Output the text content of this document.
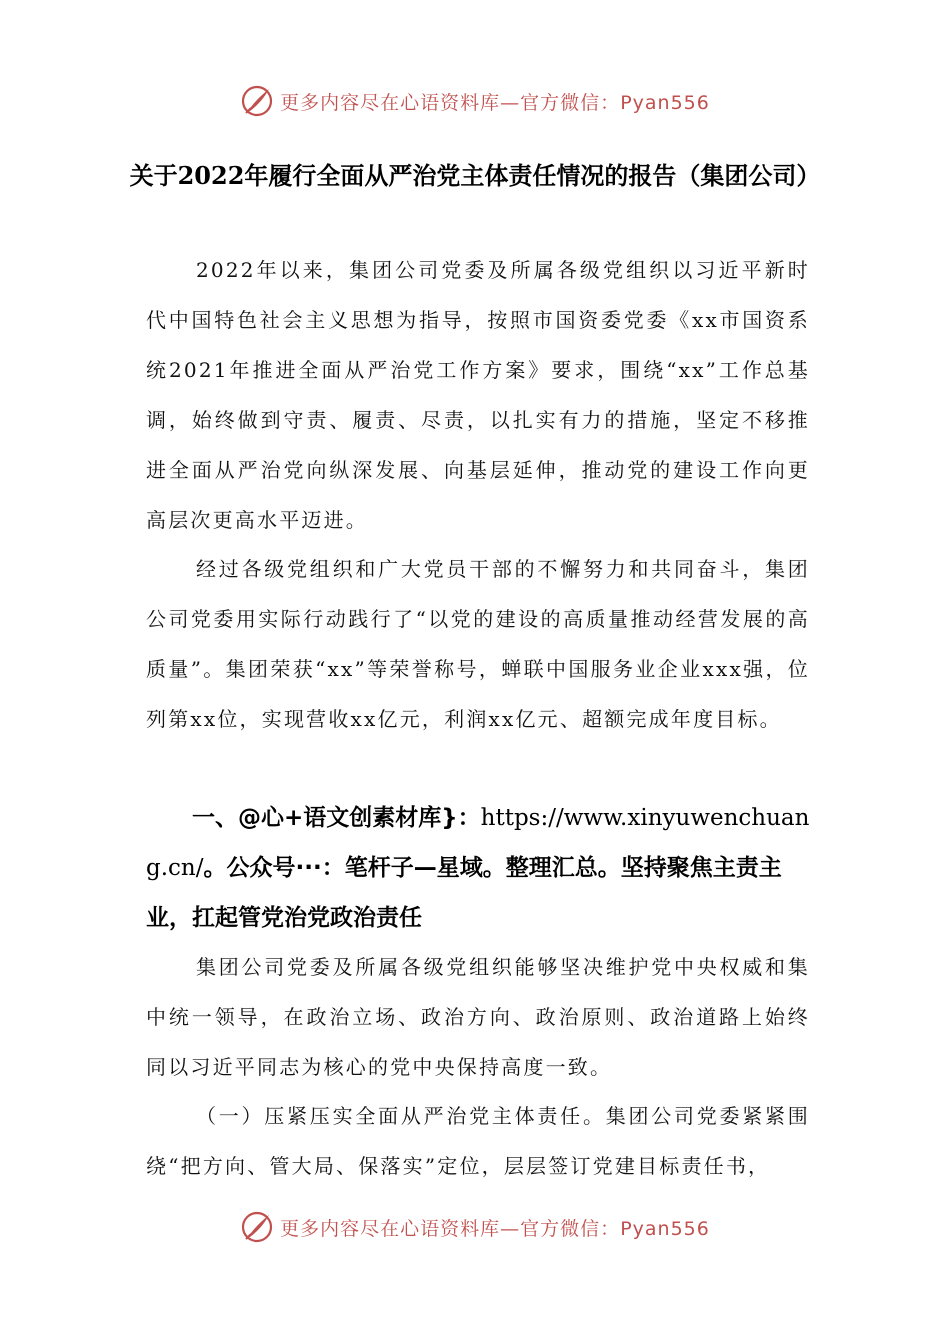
更多内容尽在心语资料库—官方微信：Pyan556
关于2022年履行全面从严治党主体责任情况的报告（集团公司）

2022年以来，集团公司党委及所属各级党组织以习近平新时代中国特色社会主义思想为指导，按照市国资委党委《xx市国资系统2021年推进全面从严治党工作方案》要求，围绕“xx”工作总基调，始终做到守责、履责、尽责，以扎实有力的措施，坚定不移推进全面从严治党向纵深发展、向基层延伸，推动党的建设工作向更高层次更高水平迈进。

经过各级党组织和广大党员干部的不懈努力和共同奋斗，集团公司党委用实际行动践行了“以党的建设的高质量推动经营发展的高质量”。集团荣获“xx”等荣誉称号，蝉联中国服务业企业xxx强，位列第xx位，实现营收xx亿元，利润xx亿元、超额完成年度目标。

一、@心+语文创素材库}：https://www.xinyuwenchuang.cn/。公众号···：笔杆子—星域。整理汇总。坚持聚焦主责主业，扛起管党治党政治责任

集团公司党委及所属各级党组织能够坚决维护党中央权威和集中统一领导，在政治立场、政治方向、政治原则、政治道路上始终同以习近平同志为核心的党中央保持高度一致。

（一）压紧压实全面从严治党主体责任。集团公司党委紧紧围绕“把方向、管大局、保落实”定位，层层签订党建目标责任书，

更多内容尽在心语资料库—官方微信：Pyan556
